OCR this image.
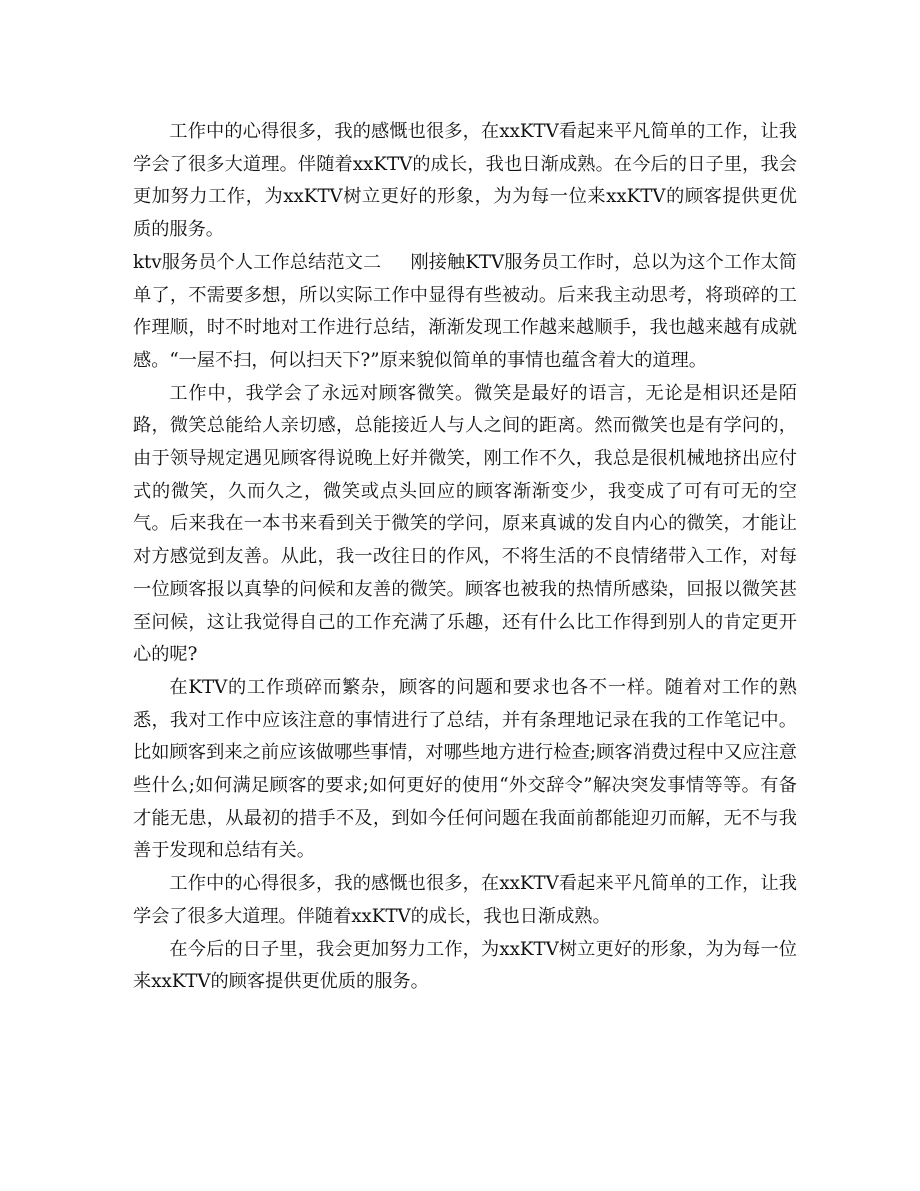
工作中的心得很多，我的感慨也很多，在xxKTV看起来平凡简单的工作，让我学会了很多大道理。伴随着xxKTV的成长，我也日渐成熟。在今后的日子里，我会更加努力工作，为xxKTV树立更好的形象，为为每一位来xxKTV的顾客提供更优质的服务。

ktv服务员个人工作总结范文二 刚接触KTV服务员工作时，总以为这个工作太简单了，不需要多想，所以实际工作中显得有些被动。后来我主动思考，将琐碎的工作理顺，时不时地对工作进行总结，渐渐发现工作越来越顺手，我也越来越有成就感。“一屋不扫，何以扫天下?”原来貌似简单的事情也蕴含着大的道理。

工作中，我学会了永远对顾客微笑。微笑是最好的语言，无论是相识还是陌路，微笑总能给人亲切感，总能接近人与人之间的距离。然而微笑也是有学问的，由于领导规定遇见顾客得说晚上好并微笑，刚工作不久，我总是很机械地挤出应付式的微笑，久而久之，微笑或点头回应的顾客渐渐变少，我变成了可有可无的空气。后来我在一本书来看到关于微笑的学问，原来真诚的发自内心的微笑，才能让对方感觉到友善。从此，我一改往日的作风，不将生活的不良情绪带入工作，对每一位顾客报以真挚的问候和友善的微笑。顾客也被我的热情所感染，回报以微笑甚至问候，这让我觉得自己的工作充满了乐趣，还有什么比工作得到别人的肯定更开心的呢?

在KTV的工作琐碎而繁杂，顾客的问题和要求也各不一样。随着对工作的熟悉，我对工作中应该注意的事情进行了总结，并有条理地记录在我的工作笔记中。比如顾客到来之前应该做哪些事情，对哪些地方进行检查;顾客消费过程中又应注意些什么;如何满足顾客的要求;如何更好的使用“外交辞令”解决突发事情等等。有备才能无患，从最初的措手不及，到如今任何问题在我面前都能迎刃而解，无不与我善于发现和总结有关。

工作中的心得很多，我的感慨也很多，在xxKTV看起来平凡简单的工作，让我学会了很多大道理。伴随着xxKTV的成长，我也日渐成熟。

在今后的日子里，我会更加努力工作，为xxKTV树立更好的形象，为为每一位来xxKTV的顾客提供更优质的服务。
